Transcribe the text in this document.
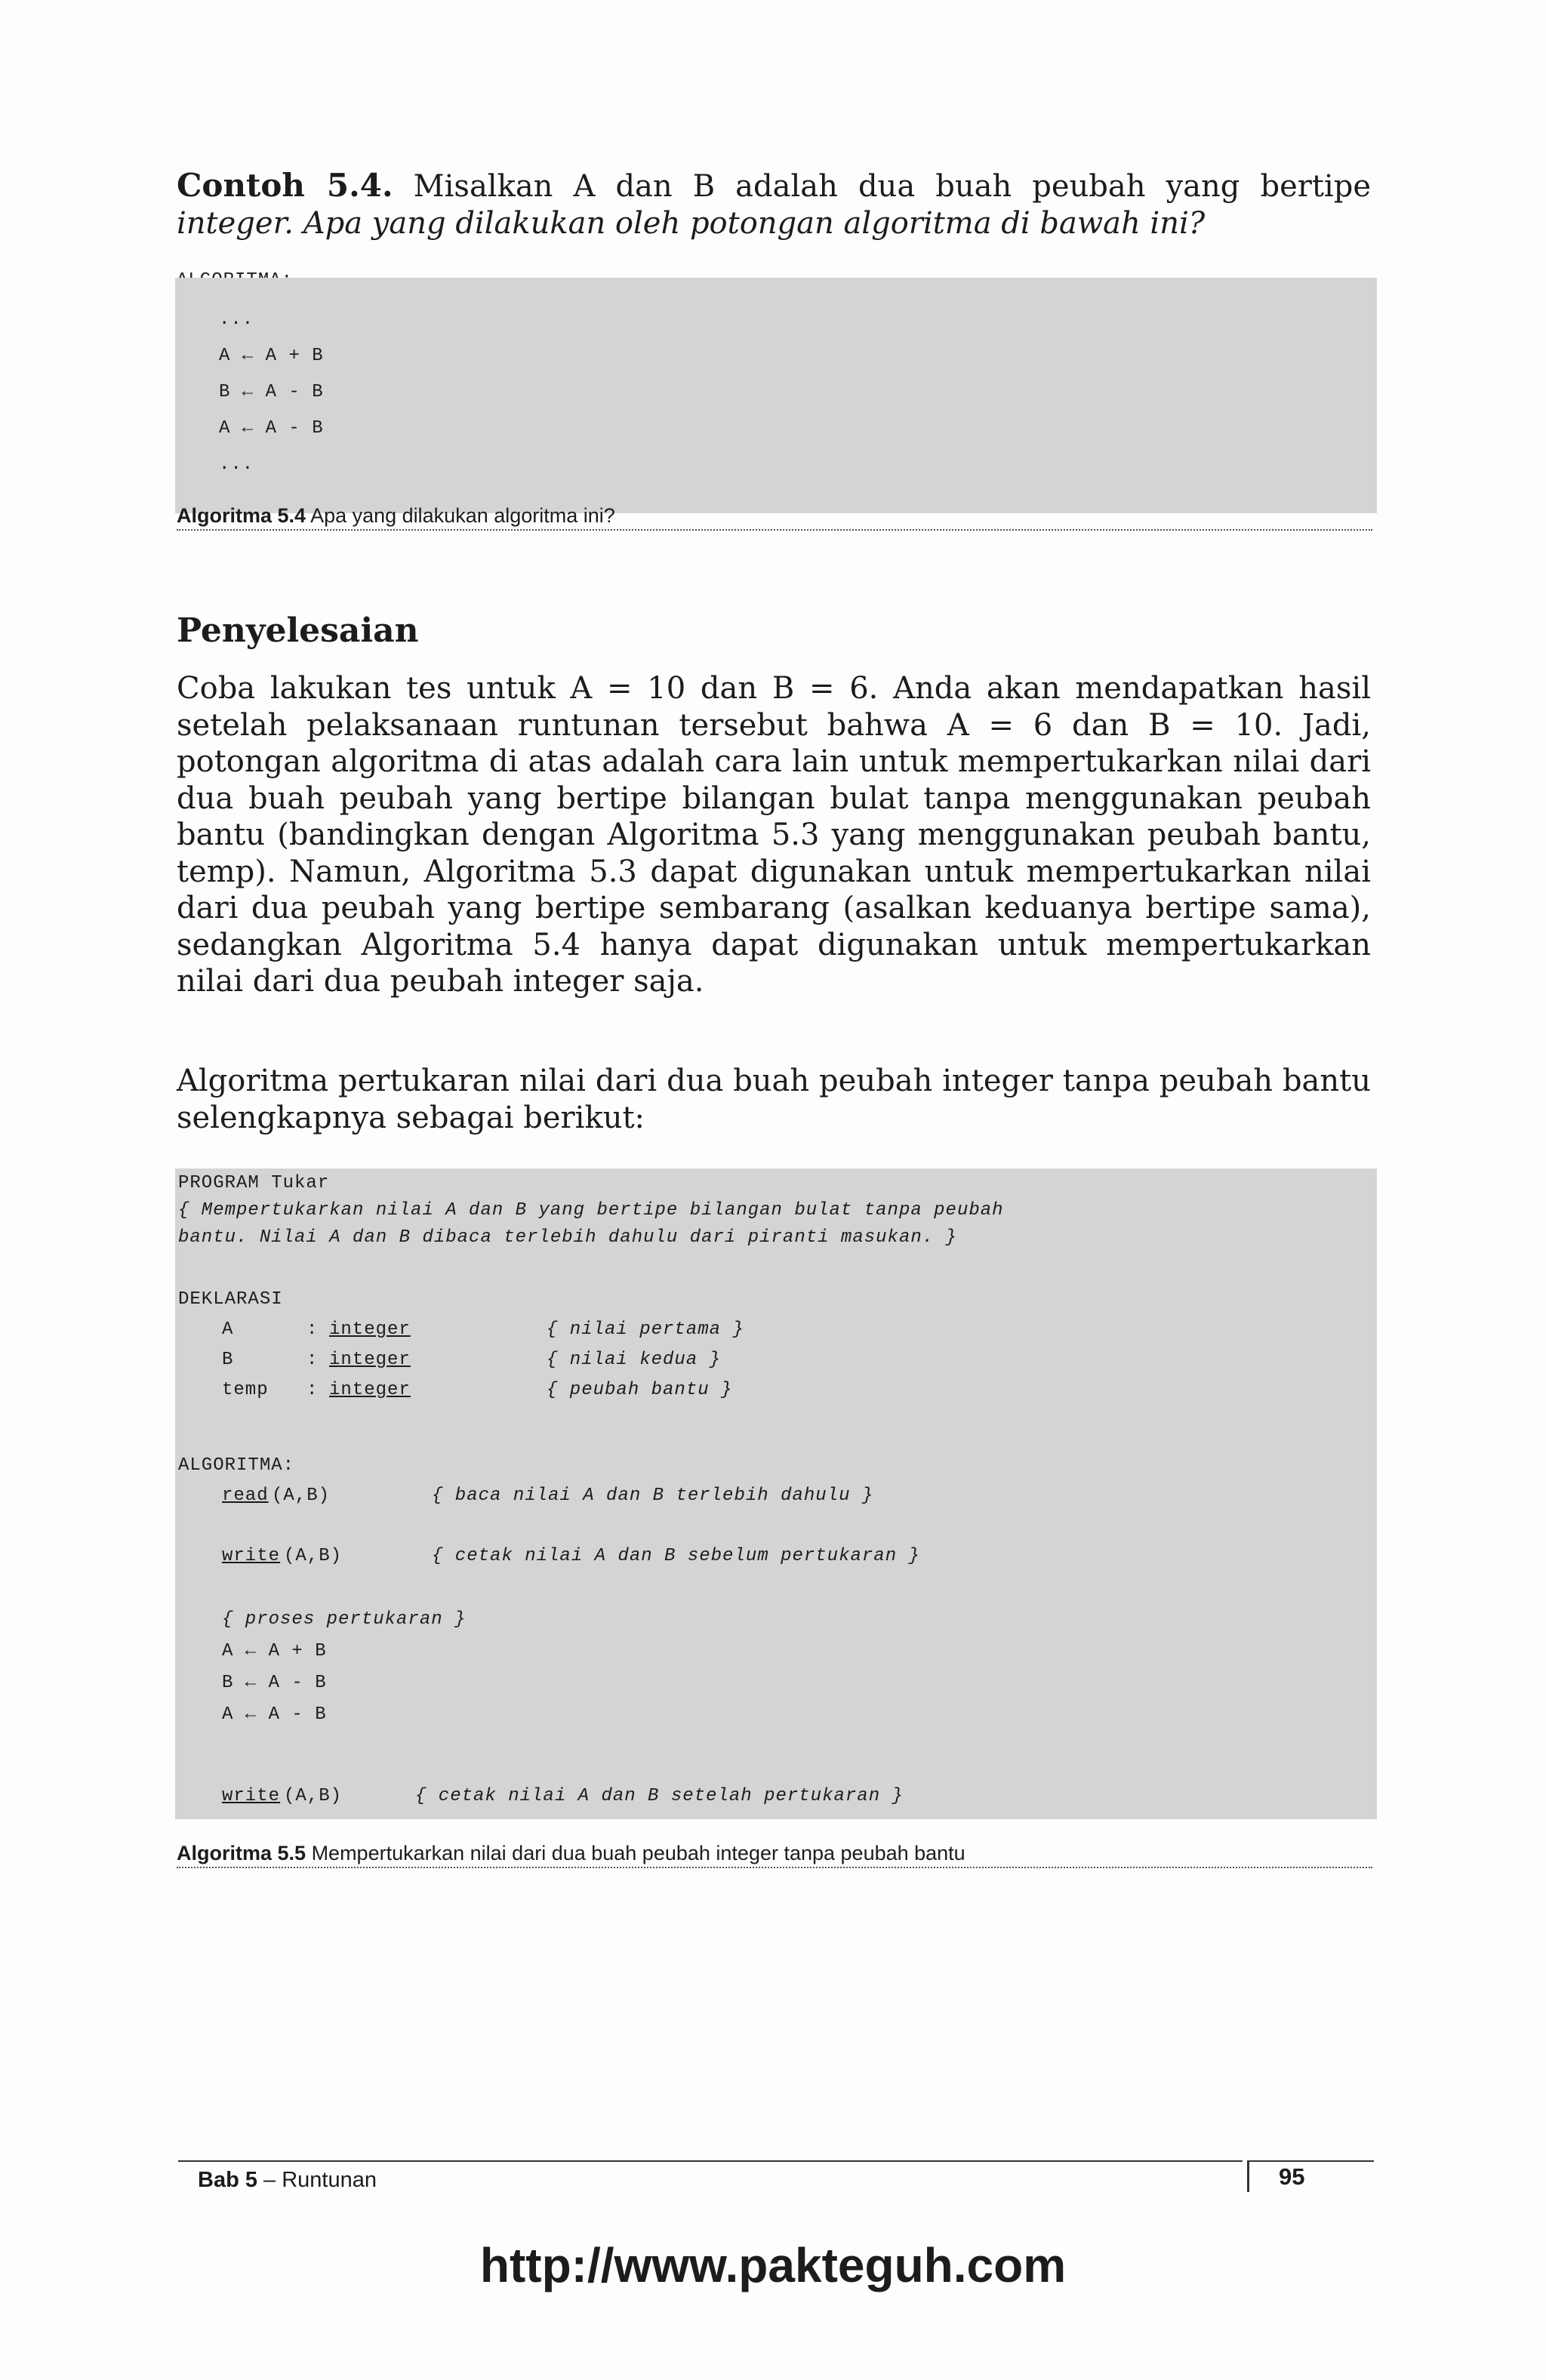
Contoh 5.4. Misalkan A dan B adalah dua buah peubah yang bertipe integer. Apa yang dilakukan oleh potongan algoritma di bawah ini?
...
A ← A + B
B ← A - B
A ← A - B
...
Algoritma 5.4 Apa yang dilakukan algoritma ini?
Penyelesaian
Coba lakukan tes untuk A = 10 dan B = 6. Anda akan mendapatkan hasil setelah pelaksanaan runtunan tersebut bahwa A = 6 dan B = 10. Jadi, potongan algoritma di atas adalah cara lain untuk mempertukarkan nilai dari dua buah peubah yang bertipe bilangan bulat tanpa menggunakan peubah bantu (bandingkan dengan Algoritma 5.3 yang menggunakan peubah bantu, temp). Namun, Algoritma 5.3 dapat digunakan untuk mempertukarkan nilai dari dua peubah yang bertipe sembarang (asalkan keduanya bertipe sama), sedangkan Algoritma 5.4 hanya dapat digunakan untuk mempertukarkan nilai dari dua peubah integer saja.
Algoritma pertukaran nilai dari dua buah peubah integer tanpa peubah bantu selengkapnya sebagai berikut:
PROGRAM Tukar
{ Mempertukarkan nilai A dan B yang bertipe bilangan bulat tanpa peubah
bantu. Nilai A dan B dibaca terlebih dahulu dari piranti masukan. }
DEKLARASI
A	: integer	{ nilai pertama }
B	: integer	{ nilai kedua }
temp : integer	{ peubah bantu }
ALGORITMA:
read (A,B)	{ baca nilai A dan B terlebih dahulu }
write (A,B)	{ cetak nilai A dan B sebelum pertukaran }
{ proses pertukaran }
A ← A + B
B ← A - B
A ← A - B
write (A,B)	{ cetak nilai A dan B setelah pertukaran }
Algoritma 5.5 Mempertukarkan nilai dari dua buah peubah integer tanpa peubah bantu
Bab 5 – Runtunan	95
http://www.pakteguh.com
